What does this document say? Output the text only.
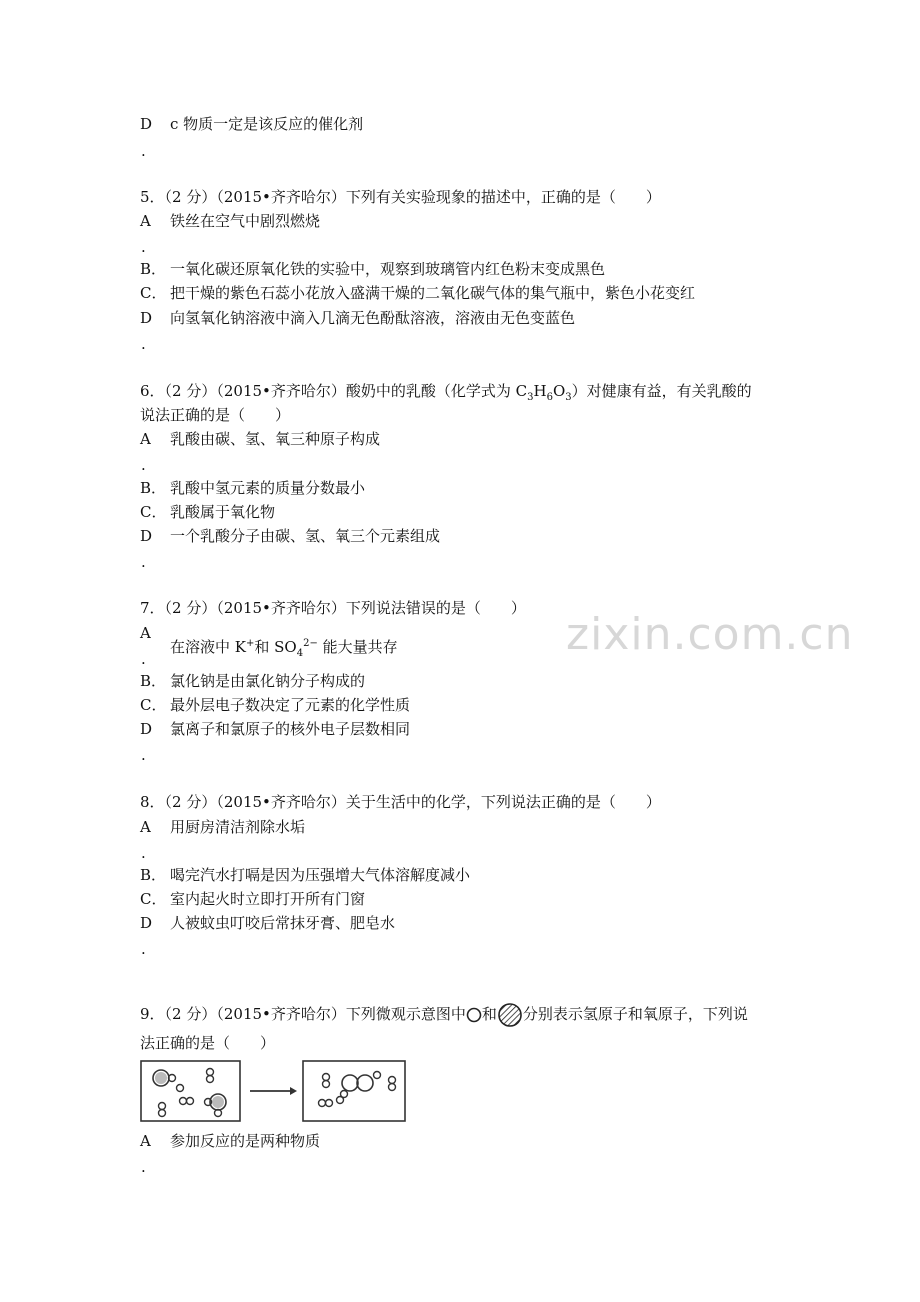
D c 物质一定是该反应的催化剂
.
5．（2 分）（2015•齐齐哈尔）下列有关实验现象的描述中，正确的是（　　）
A 铁丝在空气中剧烈燃烧
.
B． 一氧化碳还原氧化铁的实验中，观察到玻璃管内红色粉末变成黑色
C． 把干燥的紫色石蕊小花放入盛满干燥的二氧化碳气体的集气瓶中，紫色小花变红
D 向氢氧化钠溶液中滴入几滴无色酚酞溶液，溶液由无色变蓝色
.
6．（2 分）（2015•齐齐哈尔）酸奶中的乳酸（化学式为 $C_3H_6O_3$）对健康有益，有关乳酸的
说法正确的是（　　）
A 乳酸由碳、氢、氧三种原子构成
.
B． 乳酸中氢元素的质量分数最小
C． 乳酸属于氧化物
D 一个乳酸分子由碳、氢、氧三个元素组成
.
7．（2 分）（2015•齐齐哈尔）下列说法错误的是（　　）
zixin.com.cn
A
在溶液中 K+和 $SO_4^{2-}$ 能大量共存
.
B． 氯化钠是由氯化钠分子构成的
C． 最外层电子数决定了元素的化学性质
D 氯离子和氯原子的核外电子层数相同
.
8．（2 分）（2015•齐齐哈尔）关于生活中的化学，下列说法正确的是（　　）
A 用厨房清洁剂除水垢
.
B． 喝完汽水打嗝是因为压强增大气体溶解度减小
C． 室内起火时立即打开所有门窗
D 人被蚊虫叮咬后常抹牙膏、肥皂水
.
9．（2 分）（2015•齐齐哈尔）下列微观示意图中 和 分别表示氢原子和氧原子，下列说
法正确的是（　　）
A 参加反应的是两种物质
.
